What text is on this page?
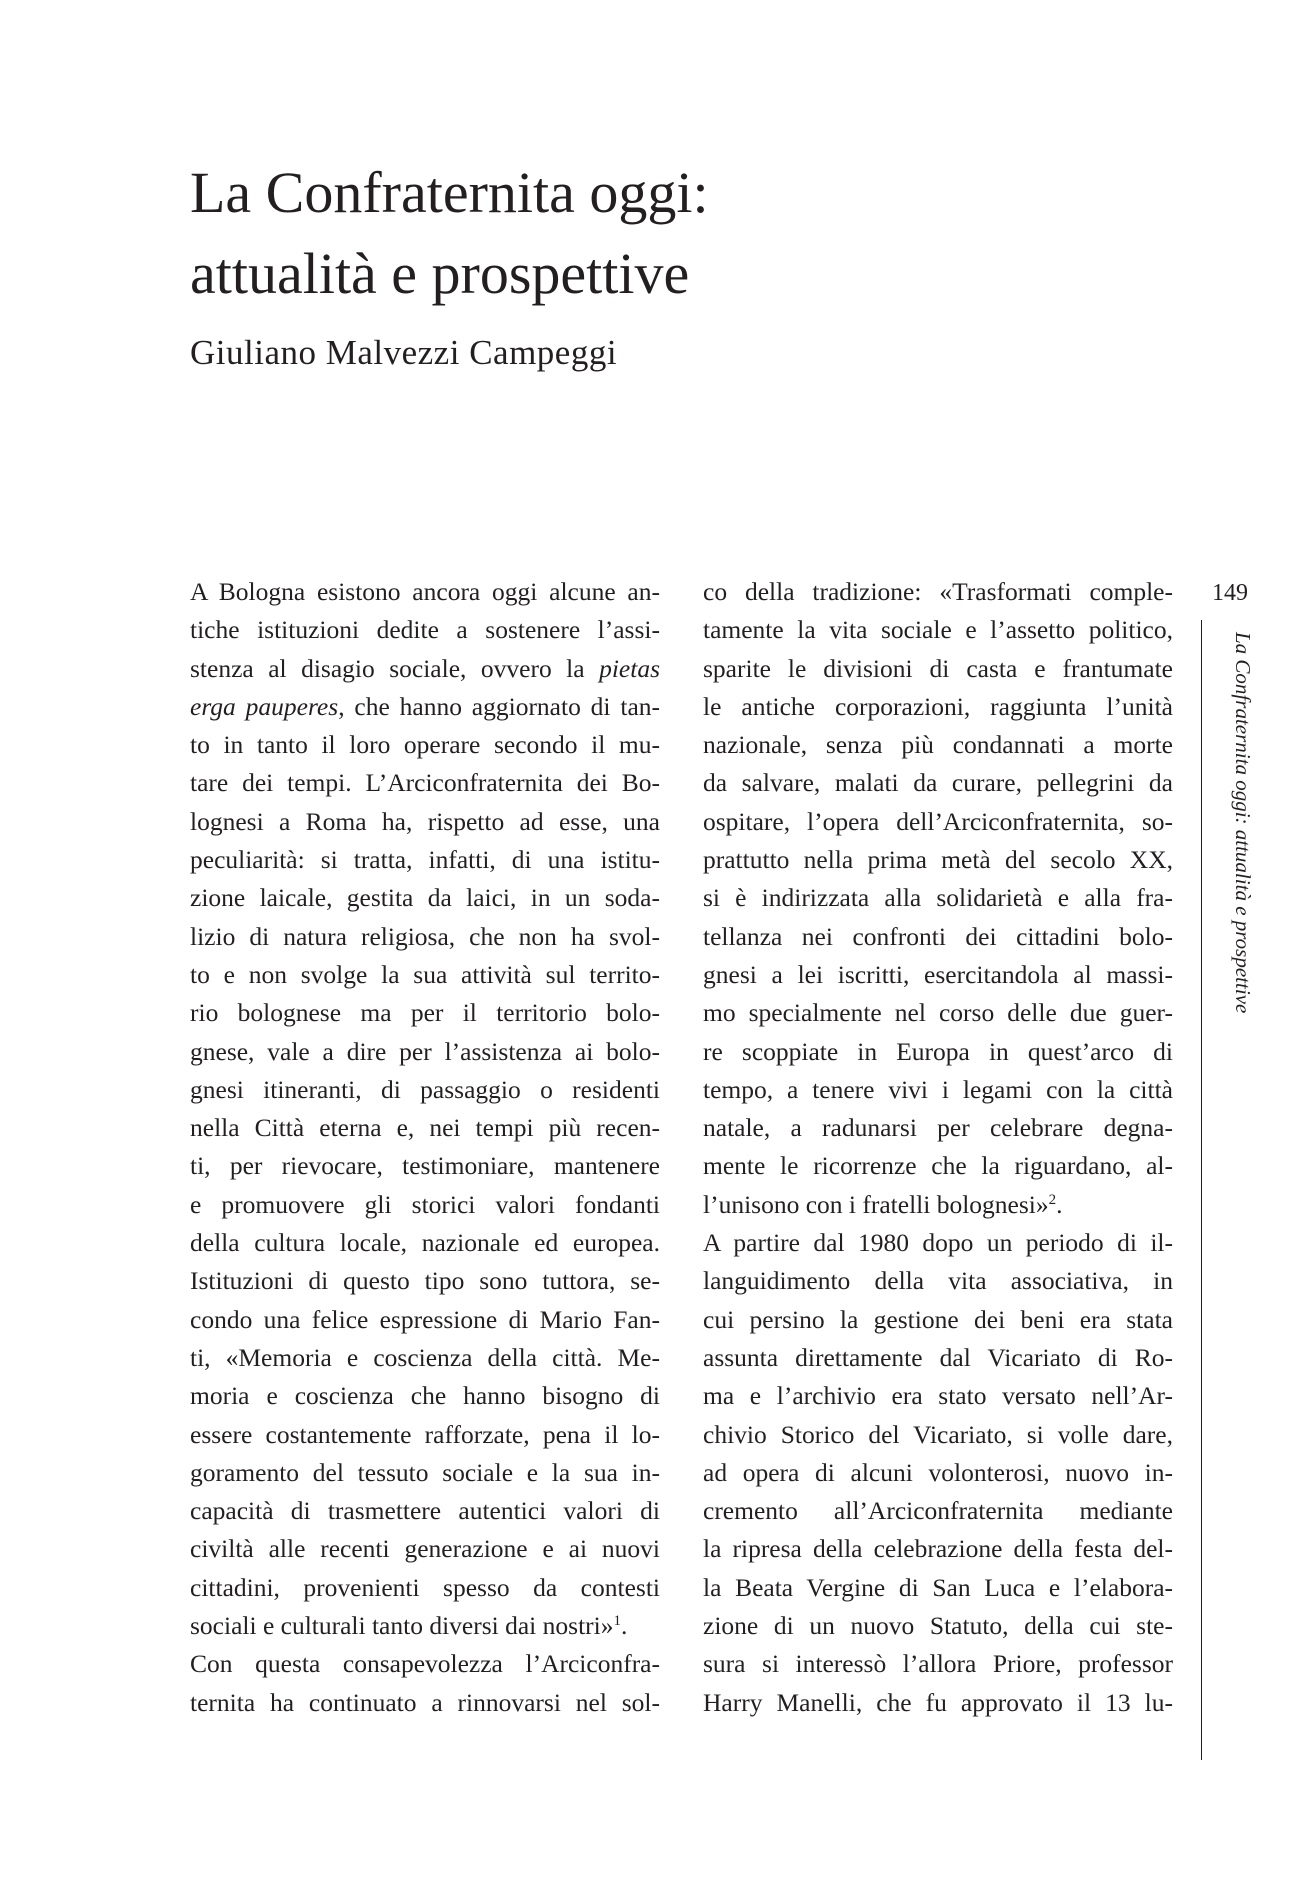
La Confraternita oggi:
attualità e prospettive

Giuliano Malvezzi Campeggi

A Bologna esistono ancora oggi alcune an-
tiche istituzioni dedite a sostenere l’assi-
stenza al disagio sociale, ovvero la pietas
erga pauperes, che hanno aggiornato di tan-
to in tanto il loro operare secondo il mu-
tare dei tempi. L’Arciconfraternita dei Bo-
lognesi a Roma ha, rispetto ad esse, una
peculiarità: si tratta, infatti, di una istitu-
zione laicale, gestita da laici, in un soda-
lizio di natura religiosa, che non ha svol-
to e non svolge la sua attività sul territo-
rio bolognese ma per il territorio bolo-
gnese, vale a dire per l’assistenza ai bolo-
gnesi itineranti, di passaggio o residenti
nella Città eterna e, nei tempi più recen-
ti, per rievocare, testimoniare, mantenere
e promuovere gli storici valori fondanti
della cultura locale, nazionale ed europea.
Istituzioni di questo tipo sono tuttora, se-
condo una felice espressione di Mario Fan-
ti, «Memoria e coscienza della città. Me-
moria e coscienza che hanno bisogno di
essere costantemente rafforzate, pena il lo-
goramento del tessuto sociale e la sua in-
capacità di trasmettere autentici valori di
civiltà alle recenti generazione e ai nuovi
cittadini, provenienti spesso da contesti
sociali e culturali tanto diversi dai nostri»$^1$.
Con questa consapevolezza l’Arciconfra-
ternita ha continuato a rinnovarsi nel sol-
co della tradizione: «Trasformati comple-
tamente la vita sociale e l’assetto politico,
sparite le divisioni di casta e frantumate
le antiche corporazioni, raggiunta l’unità
nazionale, senza più condannati a morte
da salvare, malati da curare, pellegrini da
ospitare, l’opera dell’Arciconfraternita, so-
prattutto nella prima metà del secolo XX,
si è indirizzata alla solidarietà e alla fra-
tellanza nei confronti dei cittadini bolo-
gnesi a lei iscritti, esercitandola al massi-
mo specialmente nel corso delle due guer-
re scoppiate in Europa in quest’arco di
tempo, a tenere vivi i legami con la città
natale, a radunarsi per celebrare degna-
mente le ricorrenze che la riguardano, al-
l’unisono con i fratelli bolognesi»$^2$.
A partire dal 1980 dopo un periodo di il-
languidimento della vita associativa, in
cui persino la gestione dei beni era stata
assunta direttamente dal Vicariato di Ro-
ma e l’archivio era stato versato nell’Ar-
chivio Storico del Vicariato, si volle dare,
ad opera di alcuni volonterosi, nuovo in-
cremento all’Arciconfraternita mediante
la ripresa della celebrazione della festa del-
la Beata Vergine di San Luca e l’elabora-
zione di un nuovo Statuto, della cui ste-
sura si interessò l’allora Priore, professor
Harry Manelli, che fu approvato il 13 lu-
149
La Confraternita oggi: attualità e prospettive
